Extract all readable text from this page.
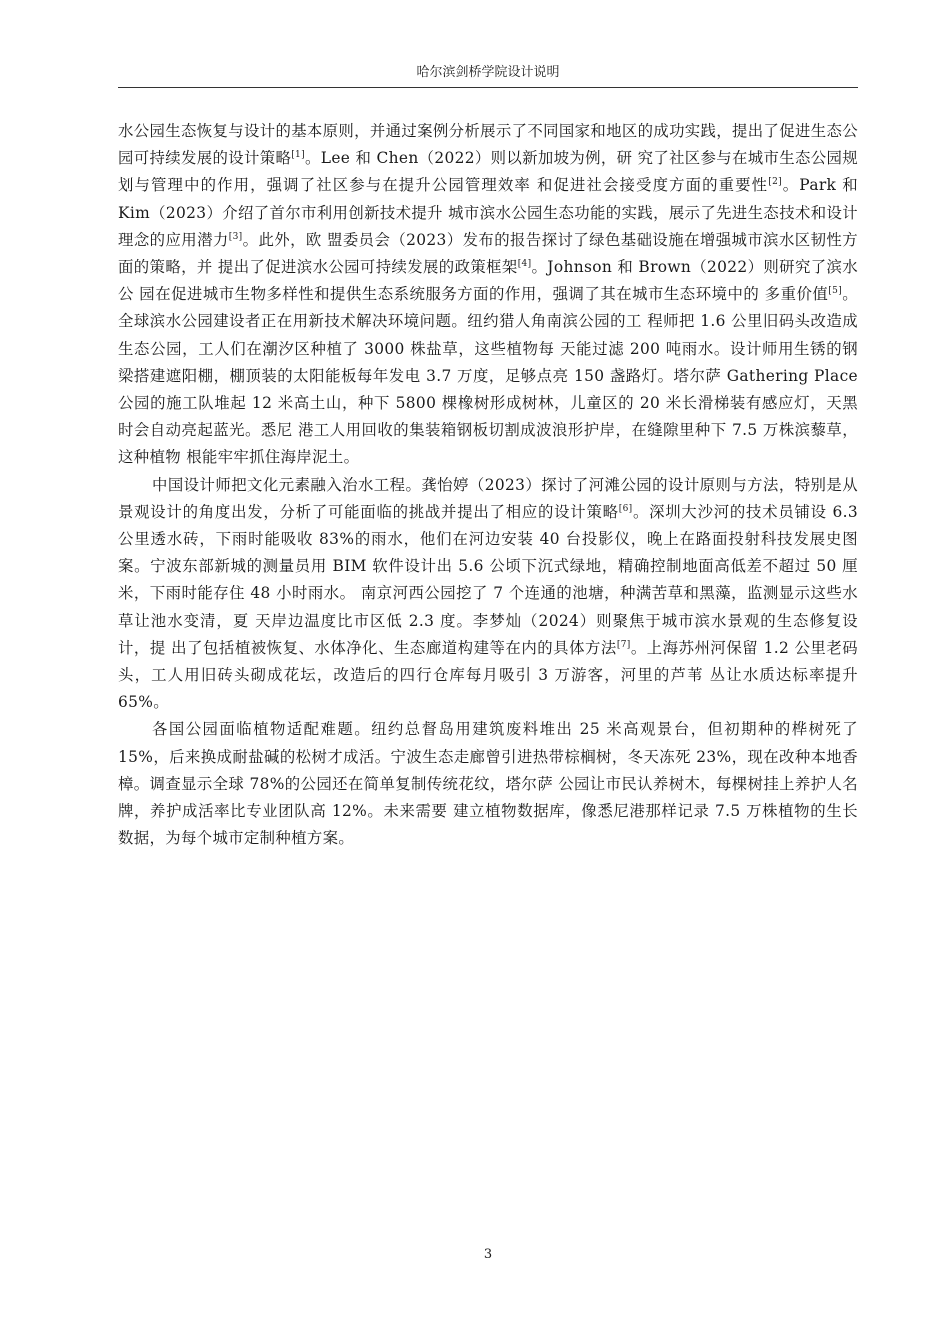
哈尔滨剑桥学院设计说明

水公园生态恢复与设计的基本原则，并通过案例分析展示了不同国家和地区的成功实践，提出了促进生态公园可持续发展的设计策略[1]。Lee 和 Chen（2022）则以新加坡为例，研 究了社区参与在城市生态公园规划与管理中的作用，强调了社区参与在提升公园管理效率 和促进社会接受度方面的重要性[2]。Park 和 Kim（2023）介绍了首尔市利用创新技术提升 城市滨水公园生态功能的实践，展示了先进生态技术和设计理念的应用潜力[3]。此外，欧 盟委员会（2023）发布的报告探讨了绿色基础设施在增强城市滨水区韧性方面的策略，并 提出了促进滨水公园可持续发展的政策框架[4]。Johnson 和 Brown（2022）则研究了滨水公 园在促进城市生物多样性和提供生态系统服务方面的作用，强调了其在城市生态环境中的 多重价值[5]。全球滨水公园建设者正在用新技术解决环境问题。纽约猎人角南滨公园的工 程师把 1.6 公里旧码头改造成生态公园，工人们在潮汐区种植了 3000 株盐草，这些植物每 天能过滤 200 吨雨水。设计师用生锈的钢梁搭建遮阳棚，棚顶装的太阳能板每年发电 3.7 万度，足够点亮 150 盏路灯。塔尔萨 Gathering Place 公园的施工队堆起 12 米高土山，种下 5800 棵橡树形成树林，儿童区的 20 米长滑梯装有感应灯，天黑时会自动亮起蓝光。悉尼 港工人用回收的集装箱钢板切割成波浪形护岸，在缝隙里种下 7.5 万株滨藜草，这种植物 根能牢牢抓住海岸泥土。

中国设计师把文化元素融入治水工程。龚怡婷（2023）探讨了河滩公园的设计原则与方法，特别是从景观设计的角度出发，分析了可能面临的挑战并提出了相应的设计策略[6]。深圳大沙河的技术员铺设 6.3 公里透水砖，下雨时能吸收 83%的雨水，他们在河边安装 40 台投影仪，晚上在路面投射科技发展史图案。宁波东部新城的测量员用 BIM 软件设计出 5.6 公顷下沉式绿地，精确控制地面高低差不超过 50 厘米，下雨时能存住 48 小时雨水。 南京河西公园挖了 7 个连通的池塘，种满苦草和黑藻，监测显示这些水草让池水变清，夏 天岸边温度比市区低 2.3 度。李梦灿（2024）则聚焦于城市滨水景观的生态修复设计，提 出了包括植被恢复、水体净化、生态廊道构建等在内的具体方法[7]。上海苏州河保留 1.2 公里老码头，工人用旧砖头砌成花坛，改造后的四行仓库每月吸引 3 万游客，河里的芦苇 丛让水质达标率提升 65%。

各国公园面临植物适配难题。纽约总督岛用建筑废料堆出 25 米高观景台，但初期种的桦树死了 15%，后来换成耐盐碱的松树才成活。宁波生态走廊曾引进热带棕榈树，冬天冻死 23%，现在改种本地香樟。调查显示全球 78%的公园还在简单复制传统花纹，塔尔萨 公园让市民认养树木，每棵树挂上养护人名牌，养护成活率比专业团队高 12%。未来需要 建立植物数据库，像悉尼港那样记录 7.5 万株植物的生长数据，为每个城市定制种植方案。

3
